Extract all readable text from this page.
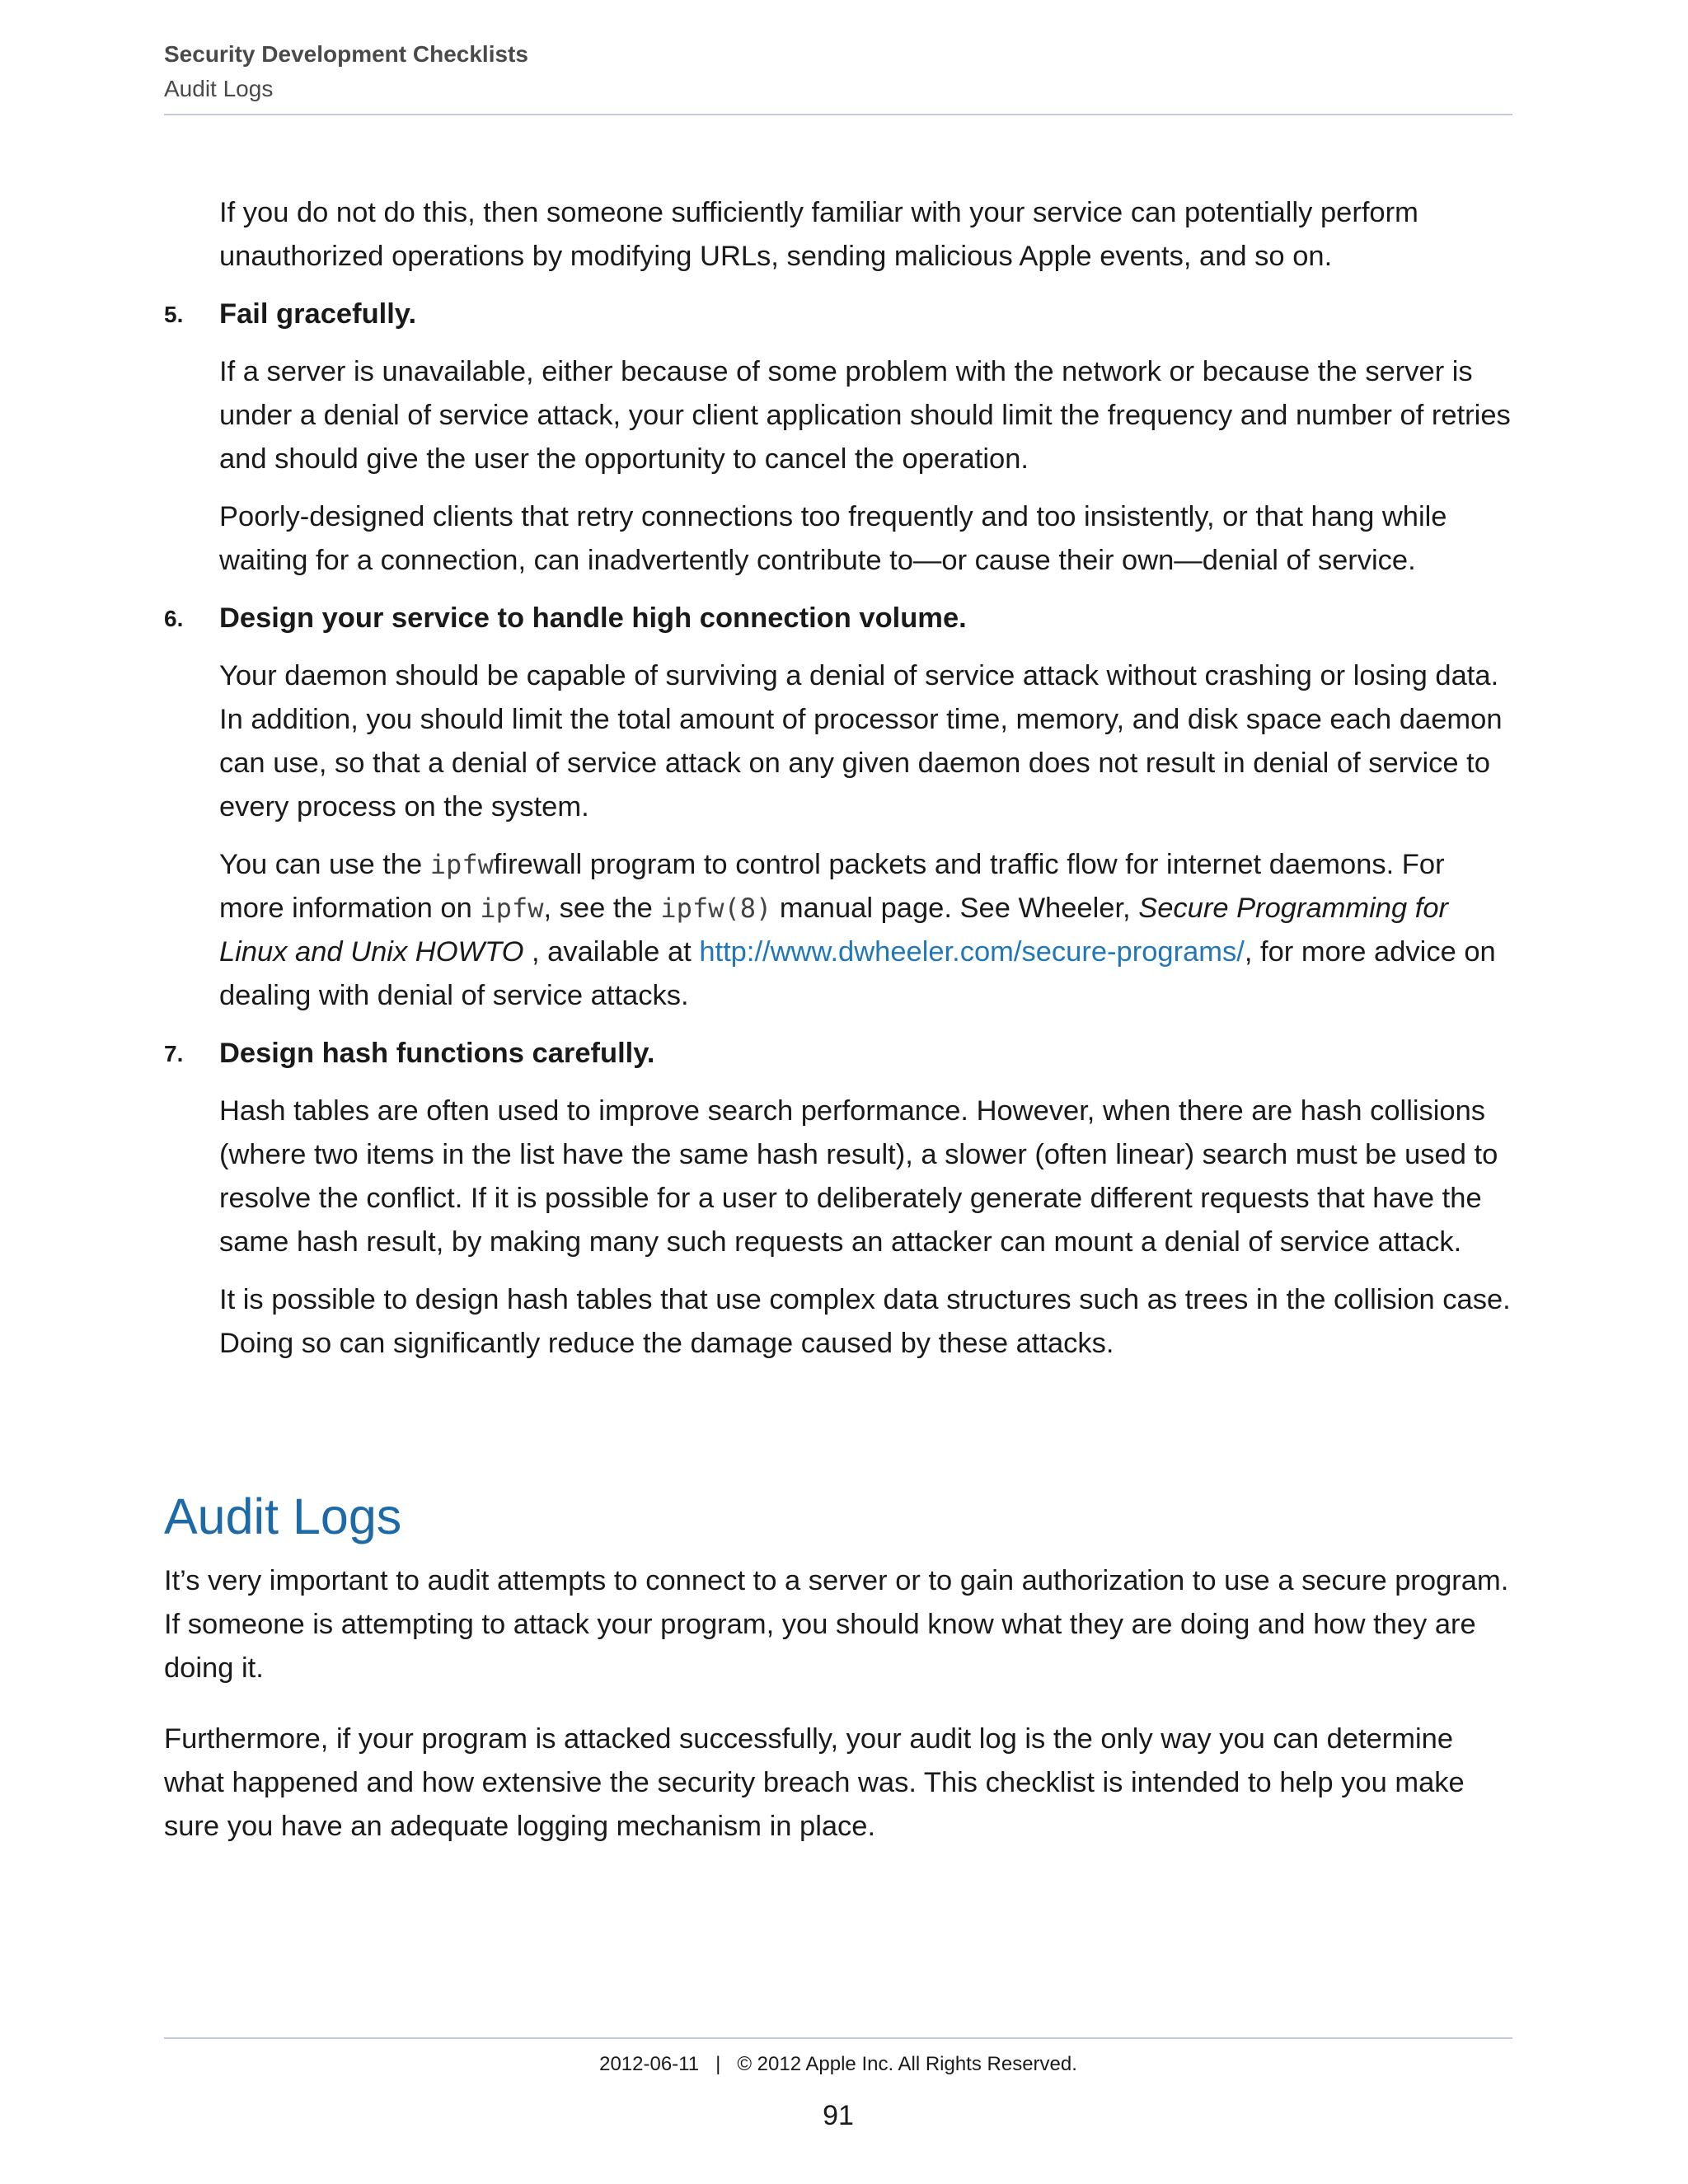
Security Development Checklists
Audit Logs

If you do not do this, then someone sufficiently familiar with your service can potentially perform unauthorized operations by modifying URLs, sending malicious Apple events, and so on.

5. Fail gracefully.

If a server is unavailable, either because of some problem with the network or because the server is under a denial of service attack, your client application should limit the frequency and number of retries and should give the user the opportunity to cancel the operation.

Poorly-designed clients that retry connections too frequently and too insistently, or that hang while waiting for a connection, can inadvertently contribute to—or cause their own—denial of service.

6. Design your service to handle high connection volume.

Your daemon should be capable of surviving a denial of service attack without crashing or losing data. In addition, you should limit the total amount of processor time, memory, and disk space each daemon can use, so that a denial of service attack on any given daemon does not result in denial of service to every process on the system.

You can use the ipfwfirewall program to control packets and traffic flow for internet daemons. For more information on ipfw, see the ipfw(8) manual page. See Wheeler, Secure Programming for Linux and Unix HOWTO , available at http://www.dwheeler.com/secure-programs/, for more advice on dealing with denial of service attacks.

7. Design hash functions carefully.

Hash tables are often used to improve search performance. However, when there are hash collisions (where two items in the list have the same hash result), a slower (often linear) search must be used to resolve the conflict. If it is possible for a user to deliberately generate different requests that have the same hash result, by making many such requests an attacker can mount a denial of service attack.

It is possible to design hash tables that use complex data structures such as trees in the collision case. Doing so can significantly reduce the damage caused by these attacks.

Audit Logs

It’s very important to audit attempts to connect to a server or to gain authorization to use a secure program. If someone is attempting to attack your program, you should know what they are doing and how they are doing it.

Furthermore, if your program is attacked successfully, your audit log is the only way you can determine what happened and how extensive the security breach was. This checklist is intended to help you make sure you have an adequate logging mechanism in place.

2012-06-11 | © 2012 Apple Inc. All Rights Reserved.
91
